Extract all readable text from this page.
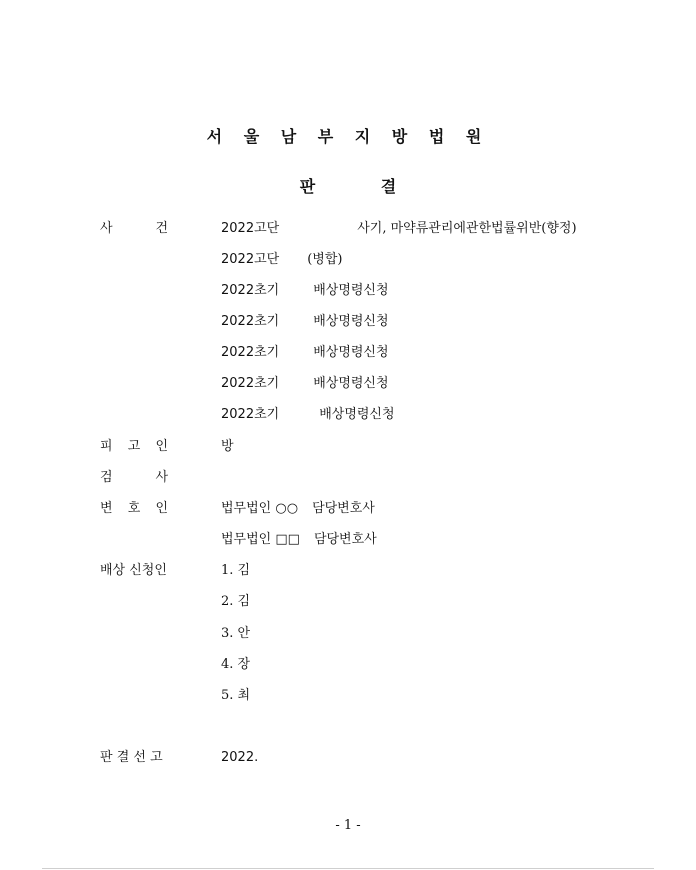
서 울 남 부 지 방 법 원
판 결
사	건	2022고단	사기, 마약류관리에관한법률위반(향정)
2022고단 (병합)
2022초기	배상명령신청
2022초기	배상명령신청
2022초기	배상명령신청
2022초기	배상명령신청
2022초기	배상명령신청
피 고 인	방
검	사
변 호 인	법무법인 ○○ 담당변호사
법무법인 □□ 담당변호사
배상 신청인	1. 김
2. 김
3. 안
4. 장
5. 최
판 결 선 고	2022.
- 1 -
